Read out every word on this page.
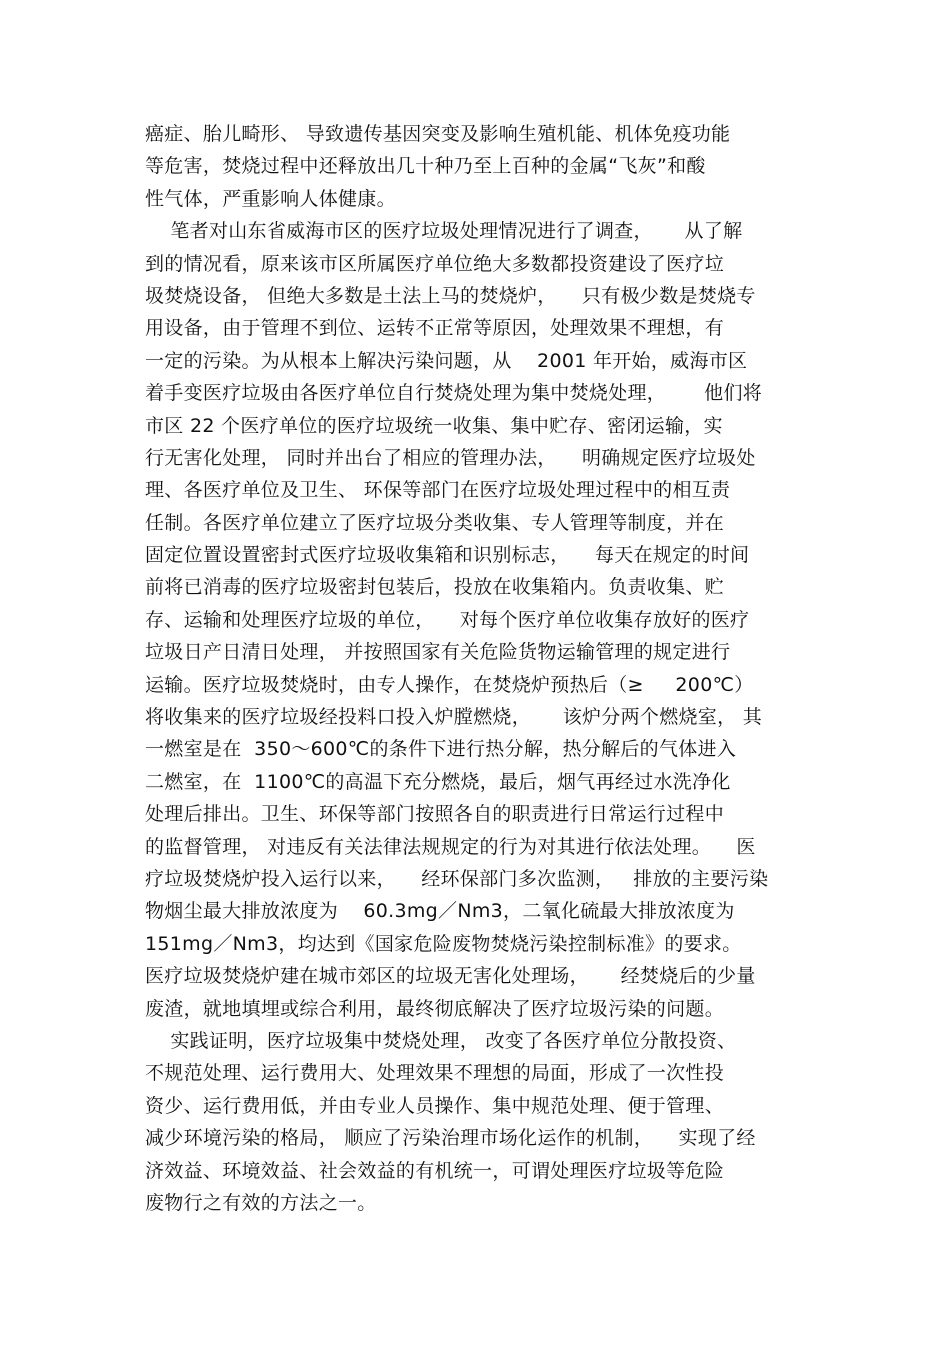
癌症、胎儿畸形、 导致遗传基因突变及影响生殖机能、机体免疫功能
等危害，焚烧过程中还释放出几十种乃至上百种的金属“飞灰”和酸
性气体，严重影响人体健康。
笔者对山东省威海市区的医疗垃圾处理情况进行了调查，     从了解
到的情况看，原来该市区所属医疗单位绝大多数都投资建设了医疗垃
圾焚烧设备， 但绝大多数是土法上马的焚烧炉，    只有极少数是焚烧专
用设备，由于管理不到位、运转不正常等原因，处理效果不理想，有
一定的污染。为从根本上解决污染问题，从    2001 年开始，威海市区
着手变医疗垃圾由各医疗单位自行焚烧处理为集中焚烧处理，      他们将
市区 22 个医疗单位的医疗垃圾统一收集、集中贮存、密闭运输，实
行无害化处理， 同时并出台了相应的管理办法，    明确规定医疗垃圾处
理、各医疗单位及卫生、 环保等部门在医疗垃圾处理过程中的相互责
任制。各医疗单位建立了医疗垃圾分类收集、专人管理等制度，并在
固定位置设置密封式医疗垃圾收集箱和识别标志，    每天在规定的时间
前将已消毒的医疗垃圾密封包装后，投放在收集箱内。负责收集、贮
存、运输和处理医疗垃圾的单位，    对每个医疗单位收集存放好的医疗
垃圾日产日清日处理， 并按照国家有关危险货物运输管理的规定进行
运输。医疗垃圾焚烧时，由专人操作，在焚烧炉预热后（≥     200℃）
将收集来的医疗垃圾经投料口投入炉膛燃烧，     该炉分两个燃烧室， 其
一燃室是在  350～600℃的条件下进行热分解，热分解后的气体进入
二燃室，在  1100℃的高温下充分燃烧，最后，烟气再经过水洗净化
处理后排出。卫生、环保等部门按照各自的职责进行日常运行过程中
的监督管理， 对违反有关法律法规规定的行为对其进行依法处理。    医
疗垃圾焚烧炉投入运行以来，    经环保部门多次监测，   排放的主要污染
物烟尘最大排放浓度为    60.3mg／Nm3，二氧化硫最大排放浓度为
151mg／Nm3，均达到《国家危险废物焚烧污染控制标准》的要求。
医疗垃圾焚烧炉建在城市郊区的垃圾无害化处理场，     经焚烧后的少量
废渣，就地填埋或综合利用，最终彻底解决了医疗垃圾污染的问题。
实践证明，医疗垃圾集中焚烧处理， 改变了各医疗单位分散投资、
不规范处理、运行费用大、处理效果不理想的局面，形成了一次性投
资少、运行费用低，并由专业人员操作、集中规范处理、便于管理、
减少环境污染的格局， 顺应了污染治理市场化运作的机制，    实现了经
济效益、环境效益、社会效益的有机统一，可谓处理医疗垃圾等危险
废物行之有效的方法之一。
